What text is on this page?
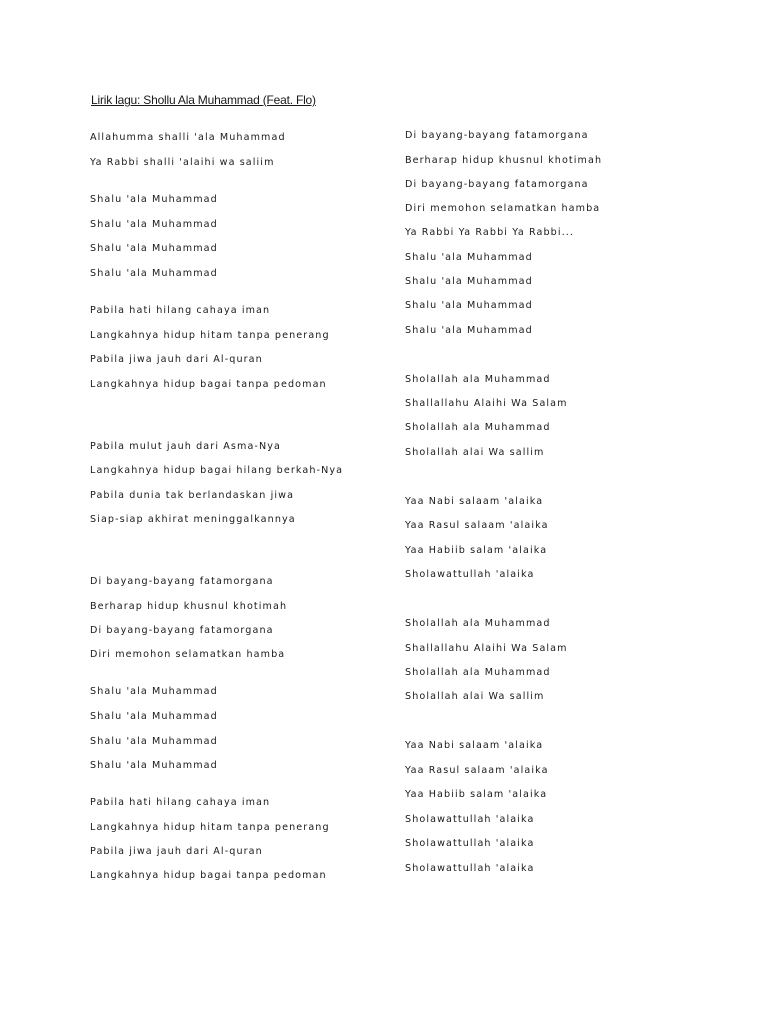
Lirik lagu: Shollu Ala Muhammad (Feat. Flo)
Allahumma shalli 'ala Muhammad
Ya Rabbi shalli 'alaihi wa saliim
Shalu 'ala Muhammad
Shalu 'ala Muhammad
Shalu 'ala Muhammad
Shalu 'ala Muhammad
Pabila hati hilang cahaya iman
Langkahnya hidup hitam tanpa penerang
Pabila jiwa jauh dari Al-quran
Langkahnya hidup bagai tanpa pedoman
Pabila mulut jauh dari Asma-Nya
Langkahnya hidup bagai hilang berkah-Nya
Pabila dunia tak berlandaskan jiwa
Siap-siap akhirat meninggalkannya
Di bayang-bayang fatamorgana
Berharap hidup khusnul khotimah
Di bayang-bayang fatamorgana
Diri memohon selamatkan hamba
Shalu 'ala Muhammad
Shalu 'ala Muhammad
Shalu 'ala Muhammad
Shalu 'ala Muhammad
Pabila hati hilang cahaya iman
Langkahnya hidup hitam tanpa penerang
Pabila jiwa jauh dari Al-quran
Langkahnya hidup bagai tanpa pedoman
Di bayang-bayang fatamorgana
Berharap hidup khusnul khotimah
Di bayang-bayang fatamorgana
Diri memohon selamatkan hamba
Ya Rabbi Ya Rabbi Ya Rabbi...
Shalu 'ala Muhammad
Shalu 'ala Muhammad
Shalu 'ala Muhammad
Shalu 'ala Muhammad
Sholallah ala Muhammad
Shallallahu Alaihi Wa Salam
Sholallah ala Muhammad
Sholallah alai Wa sallim
Yaa Nabi salaam 'alaika
Yaa Rasul salaam 'alaika
Yaa Habiib salam 'alaika
Sholawattullah 'alaika
Sholallah ala Muhammad
Shallallahu Alaihi Wa Salam
Sholallah ala Muhammad
Sholallah alai Wa sallim
Yaa Nabi salaam 'alaika
Yaa Rasul salaam 'alaika
Yaa Habiib salam 'alaika
Sholawattullah 'alaika
Sholawattullah 'alaika
Sholawattullah 'alaika
